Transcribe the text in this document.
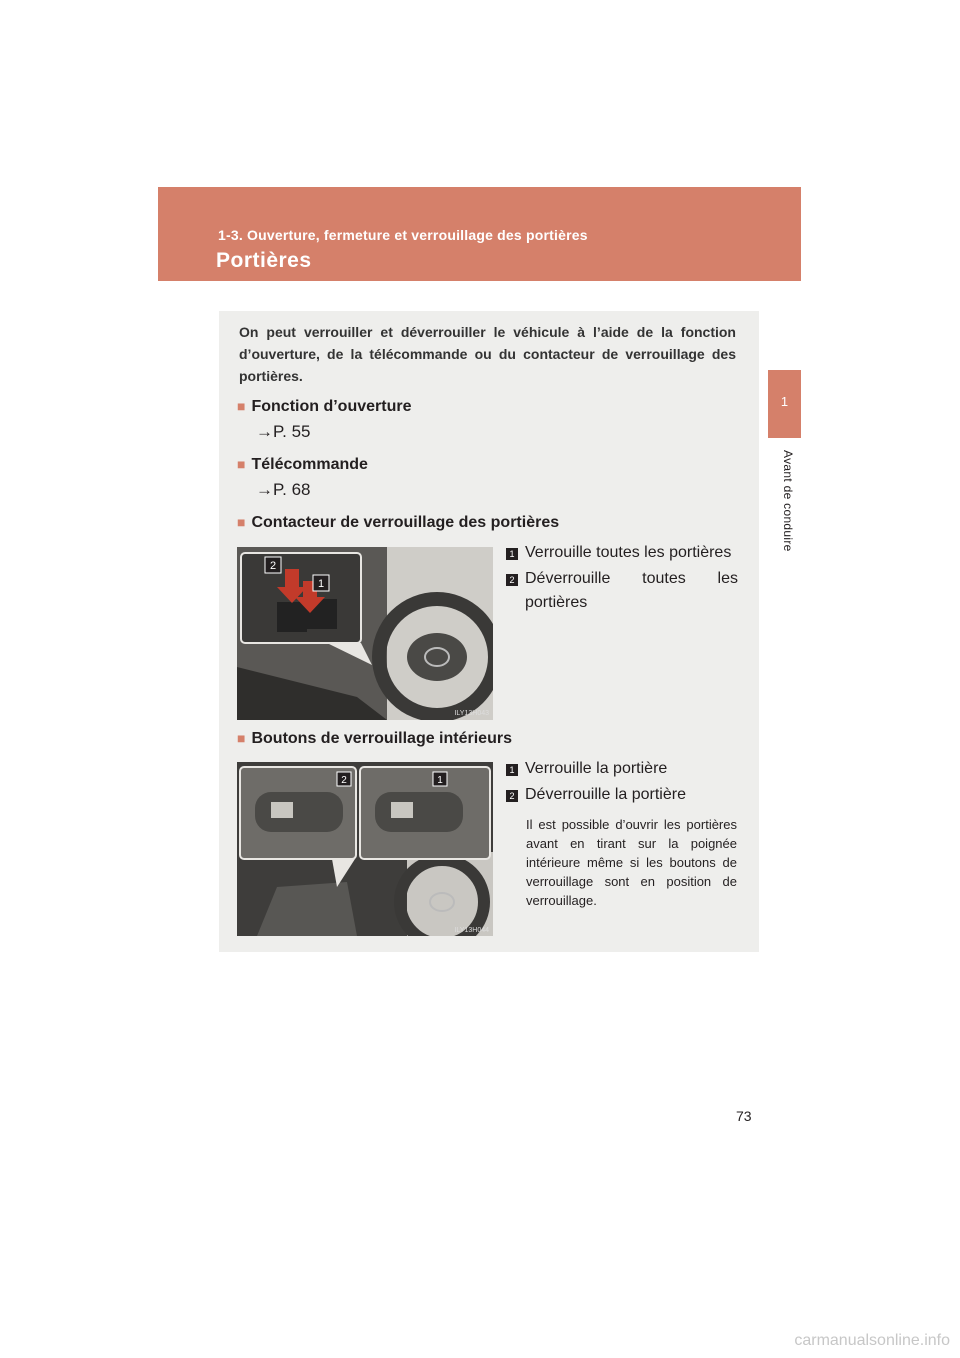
1-3. Ouverture, fermeture et verrouillage des portières
Portières
1
Avant de conduire
On peut verrouiller et déverrouiller le véhicule à l’aide de la fonction d’ouverture, de la télécommande ou du contacteur de verrouillage des portières.
■ Fonction d’ouverture
→P. 55
■ Télécommande
→P. 68
■ Contacteur de verrouillage des portières
2
1
ILY13H043
1 Verrouille toutes les portières
2 Déverrouille toutes les portières
■ Boutons de verrouillage intérieurs
2	1
ILY13H044
1 Verrouille la portière
2 Déverrouille la portière
Il est possible d’ouvrir les portières avant en tirant sur la poignée intérieure même si les boutons de verrouillage sont en position de verrouillage.
73
carmanualsonline.info
